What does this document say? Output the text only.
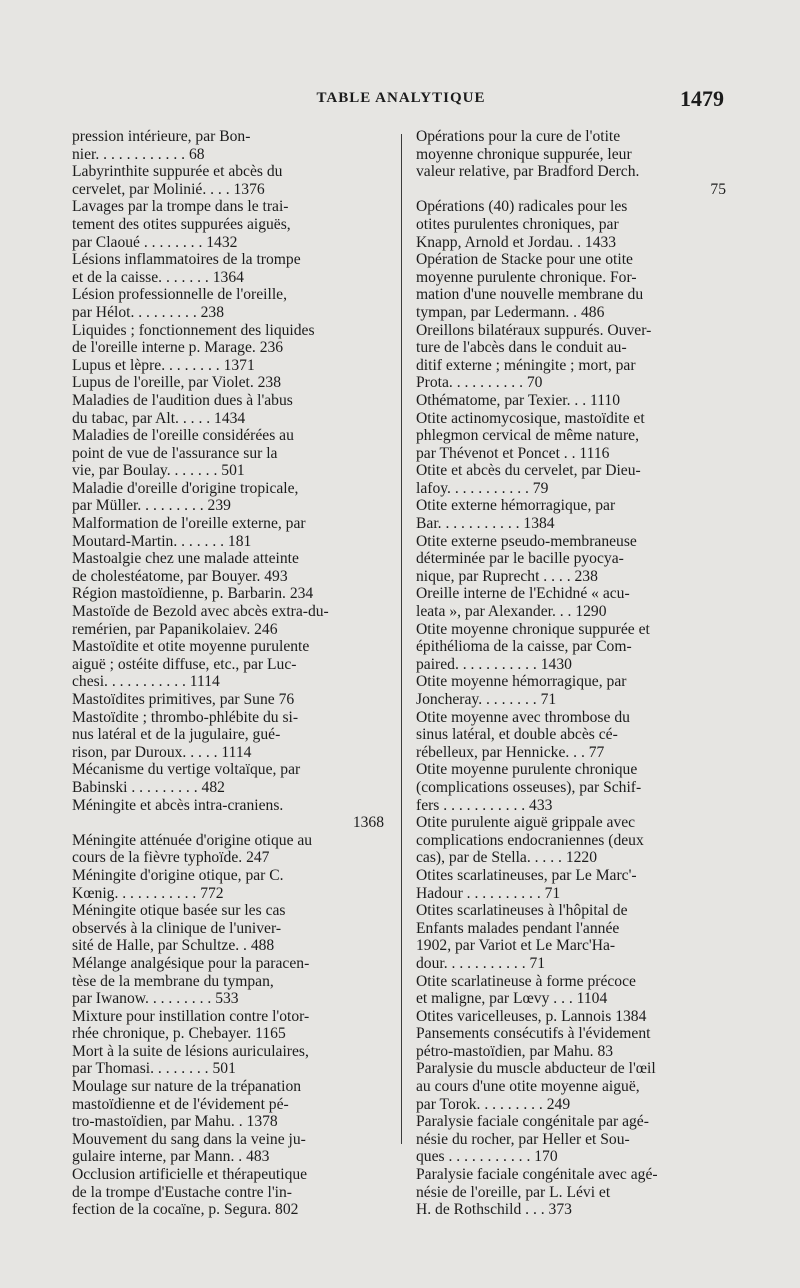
TABLE ANALYTIQUE	1479

pression intérieure, par Bon-
nier. . . . . . . . . . . . 68

Labyrinthite suppurée et abcès du
cervelet, par Molinié. . . . 1376

Lavages par la trompe dans le trai-
tement des otites suppurées aiguës,
par Claoué . . . . . . . . 1432

Lésions inflammatoires de la trompe
et de la caisse. . . . . . . 1364

Lésion professionnelle de l'oreille,
par Hélot. . . . . . . . . 238

Liquides ; fonctionnement des liquides
de l'oreille interne p. Marage. 236

Lupus et lèpre. . . . . . . . 1371

Lupus de l'oreille, par Violet. 238

Maladies de l'audition dues à l'abus
du tabac, par Alt. . . . . 1434

Maladies de l'oreille considérées au
point de vue de l'assurance sur la
vie, par Boulay. . . . . . . 501

Maladie d'oreille d'origine tropicale,
par Müller. . . . . . . . . 239

Malformation de l'oreille externe, par
Moutard-Martin. . . . . . . 181

Mastoalgie chez une malade atteinte
de cholestéatome, par Bouyer. 493

Région mastoïdienne, p. Barbarin. 234

Mastoïde de Bezold avec abcès extra-du-
remérien, par Papanikolaiev. 246

Mastoïdite et otite moyenne purulente
aiguë ; ostéite diffuse, etc., par Luc-
chesi. . . . . . . . . . . 1114

Mastoïdites primitives, par Sune 76

Mastoïdite ; thrombo-phlébite du si-
nus latéral et de la jugulaire, gué-
rison, par Duroux. . . . . 1114

Mécanisme du vertige voltaïque, par
Babinski . . . . . . . . . 482

Méningite et abcès intra-craniens.
1368

Méningite atténuée d'origine otique au
cours de la fièvre typhoïde. 247

Méningite d'origine otique, par C.
Kœnig. . . . . . . . . . . 772

Méningite otique basée sur les cas
observés à la clinique de l'univer-
sité de Halle, par Schultze. . 488

Mélange analgésique pour la paracen-
tèse de la membrane du tympan,
par Iwanow. . . . . . . . . 533

Mixture pour instillation contre l'otor-
rhée chronique, p. Chebayer. 1165

Mort à la suite de lésions auriculaires,
par Thomasi. . . . . . . . 501

Moulage sur nature de la trépanation
mastoïdienne et de l'évidement pé-
tro-mastoïdien, par Mahu. . 1378

Mouvement du sang dans la veine ju-
gulaire interne, par Mann. . 483

Occlusion artificielle et thérapeutique
de la trompe d'Eustache contre l'in-
fection de la cocaïne, p. Segura. 802

Opérations pour la cure de l'otite
moyenne chronique suppurée, leur
valeur relative, par Bradford Derch.
75

Opérations (40) radicales pour les
otites purulentes chroniques, par
Knapp, Arnold et Jordau. . 1433

Opération de Stacke pour une otite
moyenne purulente chronique. For-
mation d'une nouvelle membrane du
tympan, par Ledermann. . 486

Oreillons bilatéraux suppurés. Ouver-
ture de l'abcès dans le conduit au-
ditif externe ; méningite ; mort, par
Prota. . . . . . . . . . 70

Othématome, par Texier. . . 1110

Otite actinomycosique, mastoïdite et
phlegmon cervical de même nature,
par Thévenot et Poncet . . 1116

Otite et abcès du cervelet, par Dieu-
lafoy. . . . . . . . . . . 79

Otite externe hémorragique, par
Bar. . . . . . . . . . . 1384

Otite externe pseudo-membraneuse
déterminée par le bacille pyocya-
nique, par Ruprecht . . . . 238

Oreille interne de l'Echidné « acu-
leata », par Alexander. . . 1290

Otite moyenne chronique suppurée et
épithélioma de la caisse, par Com-
paired. . . . . . . . . . . 1430

Otite moyenne hémorragique, par
Joncheray. . . . . . . . 71

Otite moyenne avec thrombose du
sinus latéral, et double abcès cé-
rébelleux, par Hennicke. . . 77

Otite moyenne purulente chronique
(complications osseuses), par Schif-
fers . . . . . . . . . . . 433

Otite purulente aiguë grippale avec
complications endocraniennes (deux
cas), par de Stella. . . . . 1220

Otites scarlatineuses, par Le Marc'-
Hadour . . . . . . . . . . 71

Otites scarlatineuses à l'hôpital de
Enfants malades pendant l'année
1902, par Variot et Le Marc'Ha-
dour. . . . . . . . . . . 71

Otite scarlatineuse à forme précoce
et maligne, par Lœvy . . . 1104

Otites varicelleuses, p. Lannois 1384

Pansements consécutifs à l'évidement
pétro-mastoïdien, par Mahu. 83

Paralysie du muscle abducteur de l'œil
au cours d'une otite moyenne aiguë,
par Torok. . . . . . . . . 249

Paralysie faciale congénitale par agé-
nésie du rocher, par Heller et Sou-
ques . . . . . . . . . . . 170

Paralysie faciale congénitale avec agé-
nésie de l'oreille, par L. Lévi et
H. de Rothschild . . . 373
